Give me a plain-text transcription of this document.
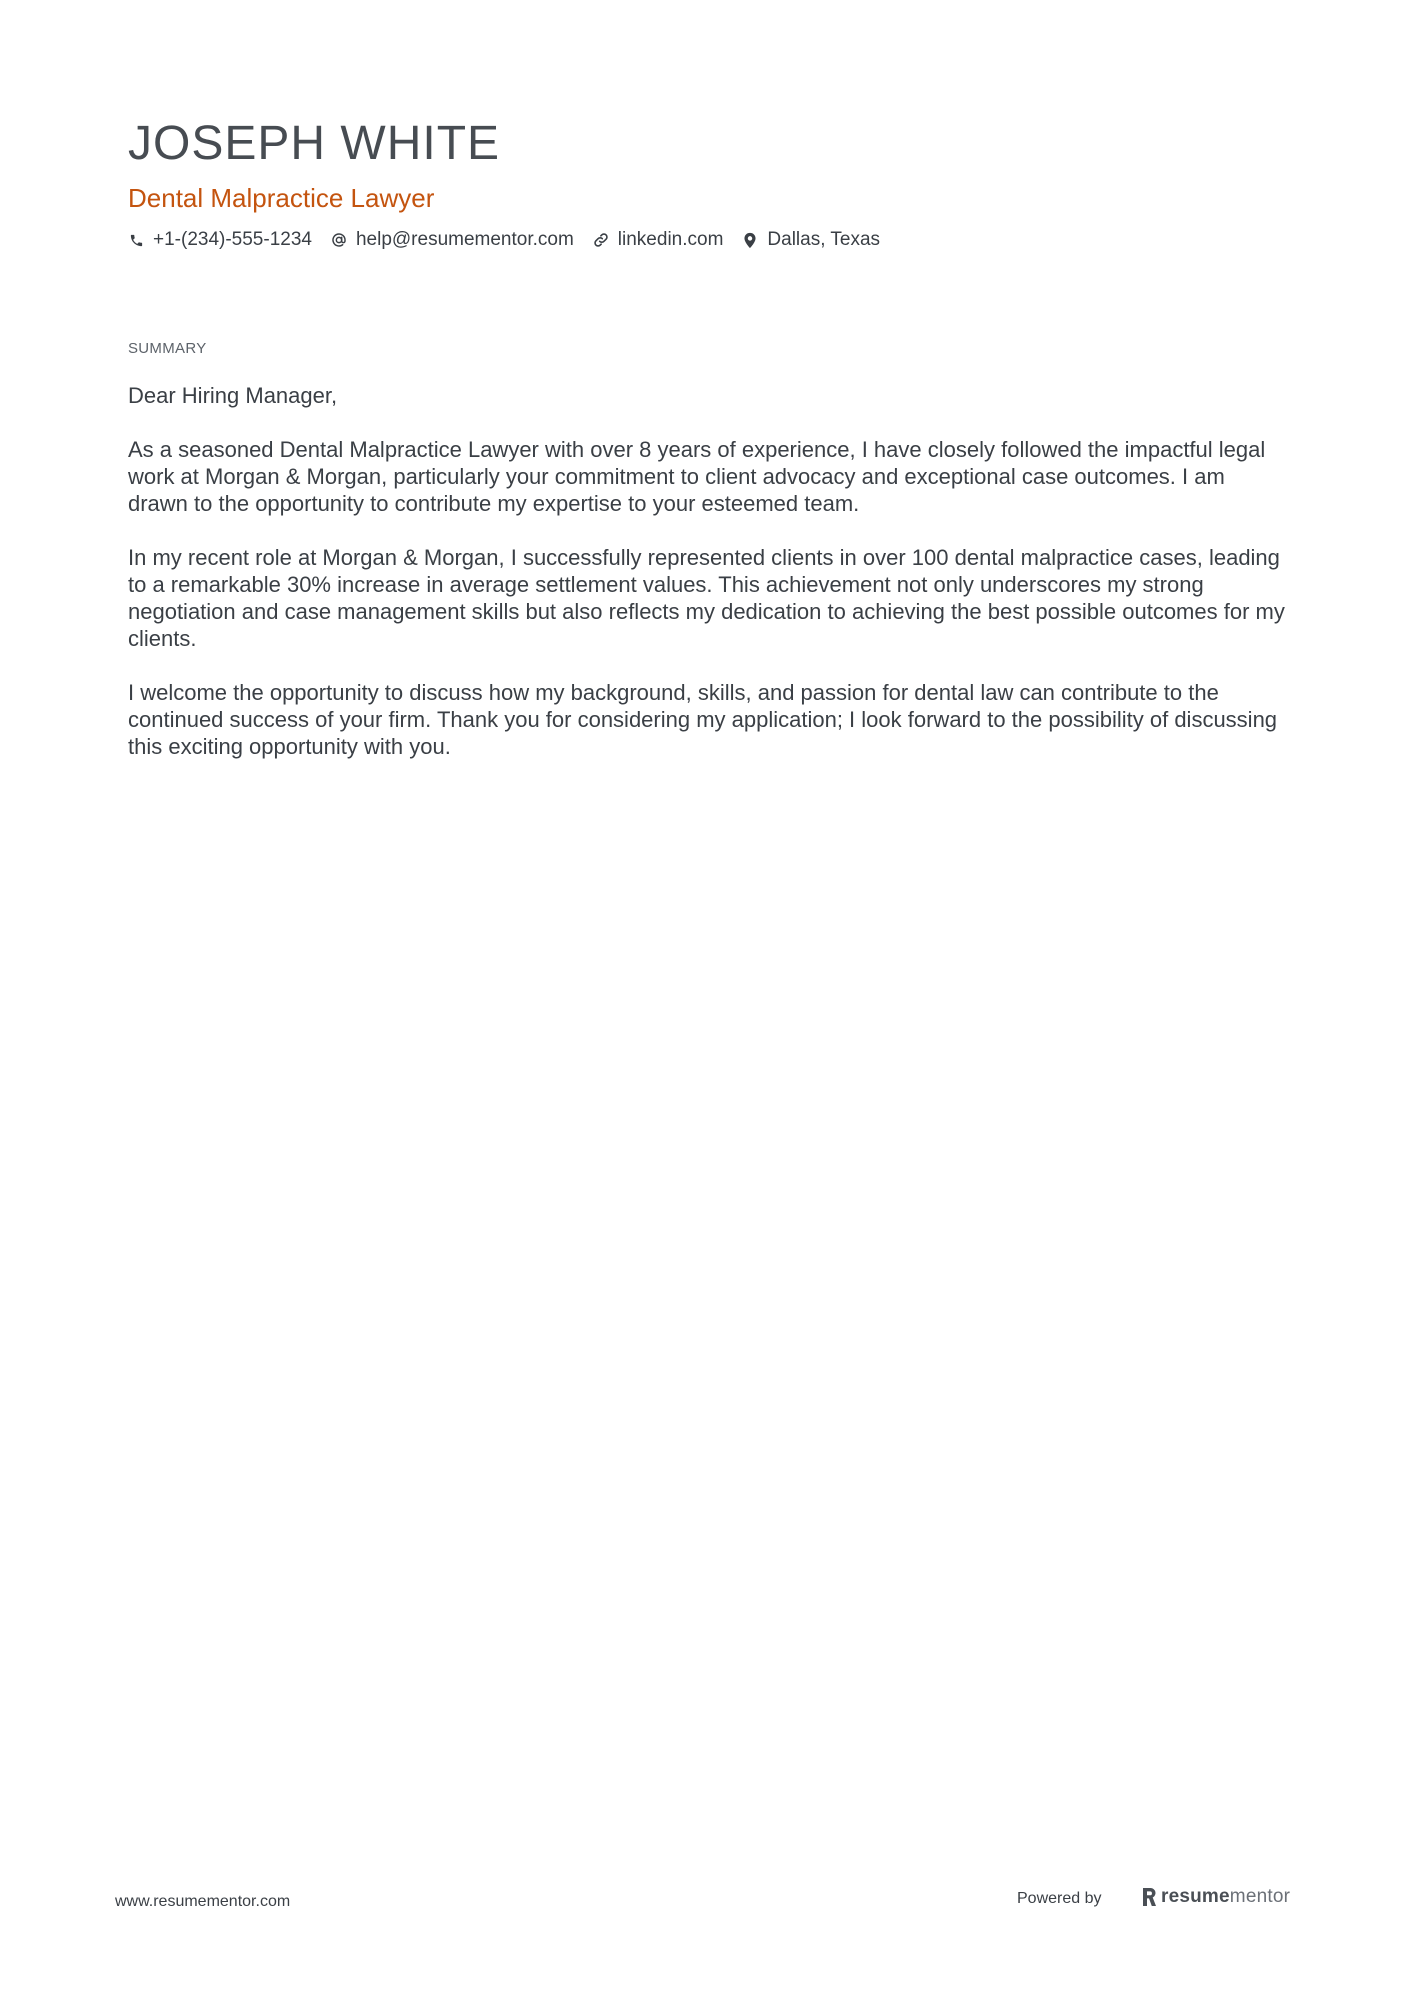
JOSEPH WHITE
Dental Malpractice Lawyer
+1-(234)-555-1234 help@resumementor.com linkedin.com Dallas, Texas
SUMMARY

Dear Hiring Manager,

As a seasoned Dental Malpractice Lawyer with over 8 years of experience, I have closely followed the impactful legal work at Morgan & Morgan, particularly your commitment to client advocacy and exceptional case outcomes. I am drawn to the opportunity to contribute my expertise to your esteemed team.

In my recent role at Morgan & Morgan, I successfully represented clients in over 100 dental malpractice cases, leading to a remarkable 30% increase in average settlement values. This achievement not only underscores my strong negotiation and case management skills but also reflects my dedication to achieving the best possible outcomes for my clients.

I welcome the opportunity to discuss how my background, skills, and passion for dental law can contribute to the continued success of your firm. Thank you for considering my application; I look forward to the possibility of discussing this exciting opportunity with you.

www.resumementor.com	Powered by	resumementor
